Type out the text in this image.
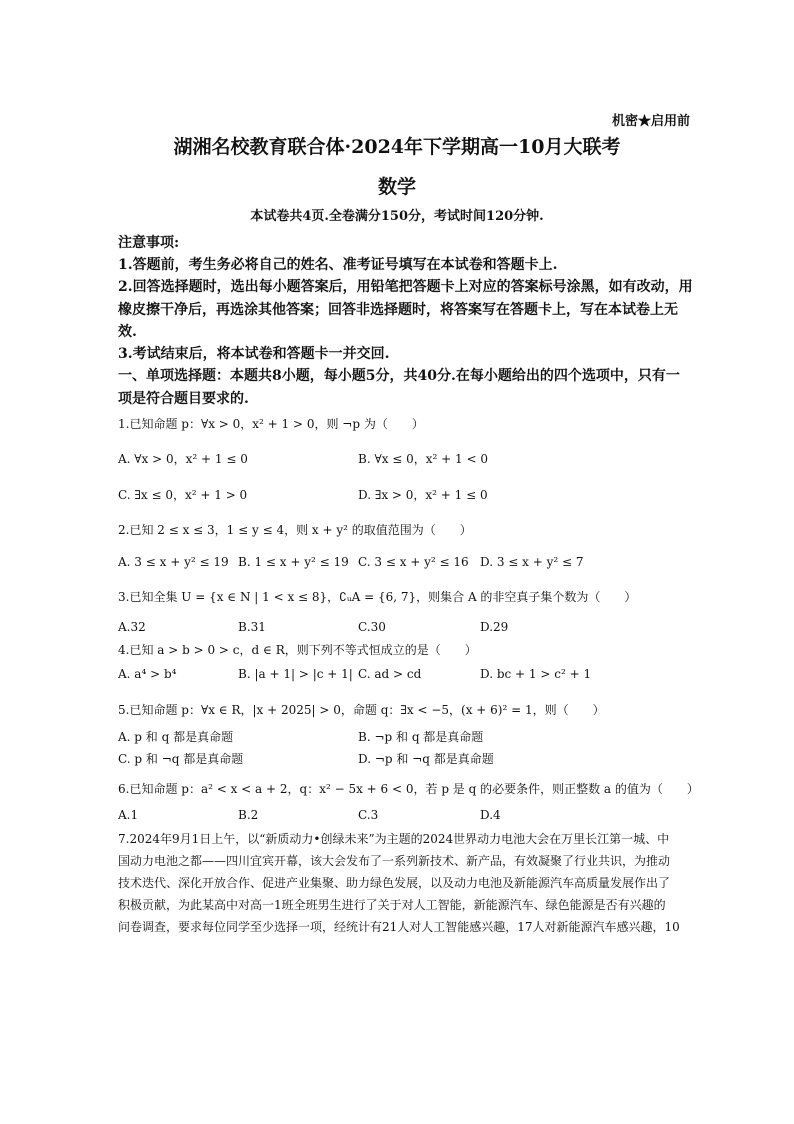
机密★启用前
湖湘名校教育联合体·2024年下学期高一10月大联考
数学
本试卷共4页.全卷满分150分，考试时间120分钟.
注意事项:
1.答题前，考生务必将自己的姓名、准考证号填写在本试卷和答题卡上.
2.回答选择题时，选出每小题答案后，用铅笔把答题卡上对应的答案标号涂黑，如有改动，用
橡皮擦干净后，再选涂其他答案；回答非选择题时，将答案写在答题卡上，写在本试卷上无
效.
3.考试结束后，将本试卷和答题卡一并交回.
一、单项选择题：本题共8小题，每小题5分，共40分.在每小题给出的四个选项中，只有一
项是符合题目要求的.
1.已知命题 p：∀x > 0，x² + 1 > 0，则 ¬p 为（　　）
A. ∀x > 0，x² + 1 ≤ 0	B. ∀x ≤ 0，x² + 1 < 0
C. ∃x ≤ 0，x² + 1 > 0	D. ∃x > 0，x² + 1 ≤ 0
2.已知 2 ≤ x ≤ 3，1 ≤ y ≤ 4，则 x + y² 的取值范围为（　　）
A. 3 ≤ x + y² ≤ 19 B. 1 ≤ x + y² ≤ 19 C. 3 ≤ x + y² ≤ 16 D. 3 ≤ x + y² ≤ 7
3.已知全集 U = {x ∈ N | 1 < x ≤ 8}，∁ᵤA = {6, 7}，则集合 A 的非空真子集个数为（　　）
A.32	B.31	C.30	D.29
4.已知 a > b > 0 > c，d ∈ R，则下列不等式恒成立的是（　　）
A. a⁴ > b⁴	B. |a + 1| > |c + 1| C. ad > cd	D. bc + 1 > c² + 1
5.已知命题 p：∀x ∈ R，|x + 2025| > 0，命题 q：∃x < −5，(x + 6)² = 1，则（　　）
A. p 和 q 都是真命题	B. ¬p 和 q 都是真命题
C. p 和 ¬q 都是真命题	D. ¬p 和 ¬q 都是真命题
6.已知命题 p：a² < x < a + 2，q：x² − 5x + 6 < 0，若 p 是 q 的必要条件，则正整数 a 的值为（　　）
A.1	B.2	C.3	D.4
7.2024年9月1日上午，以“新质动力•创绿未来”为主题的2024世界动力电池大会在万里长江第一城、中
国动力电池之都——四川宜宾开幕，该大会发布了一系列新技术、新产品，有效凝聚了行业共识，为推动
技术迭代、深化开放合作、促进产业集聚、助力绿色发展，以及动力电池及新能源汽车高质量发展作出了
积极贡献，为此某高中对高一1班全班男生进行了关于对人工智能，新能源汽车、绿色能源是否有兴趣的
问卷调查，要求每位同学至少选择一项，经统计有21人对人工智能感兴趣，17人对新能源汽车感兴趣，10
